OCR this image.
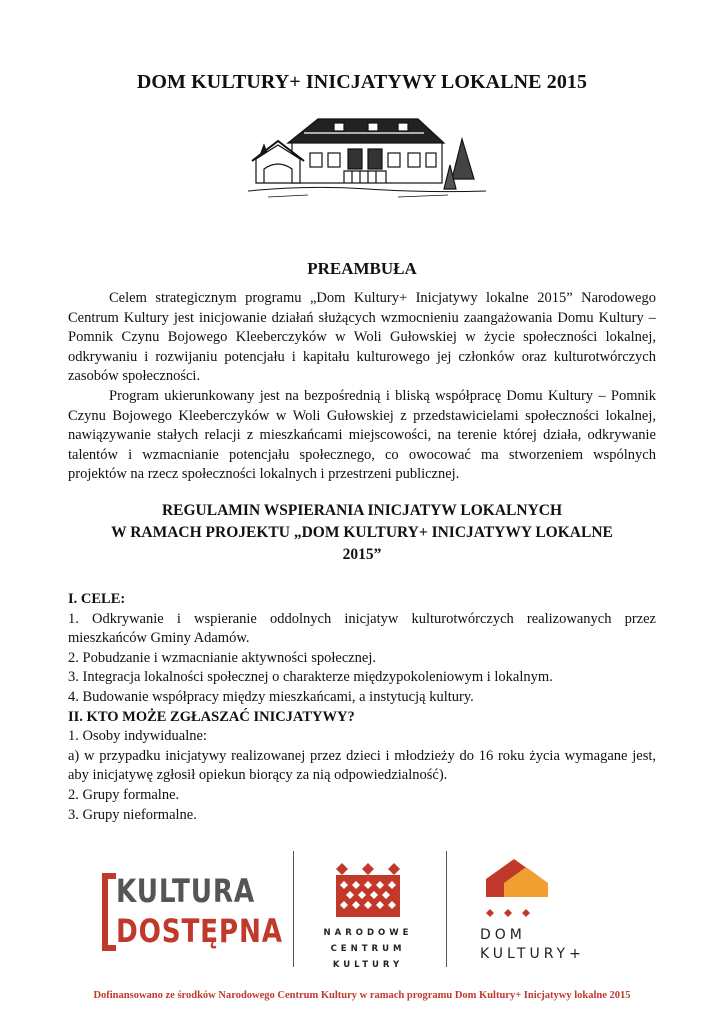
DOM KULTURY+ INICJATYWY LOKALNE 2015
PREAMBUŁA

Celem strategicznym programu „Dom Kultury+ Inicjatywy lokalne 2015” Narodowego Centrum Kultury jest inicjowanie działań służących wzmocnieniu zaangażowania Domu Kultury – Pomnik Czynu Bojowego Kleeberczyków w Woli Gułowskiej w życie społeczności lokalnej, odkrywaniu i rozwijaniu potencjału i kapitału kulturowego jej członków oraz kulturotwórczych zasobów społeczności.

Program ukierunkowany jest na bezpośrednią i bliską współpracę Domu Kultury – Pomnik Czynu Bojowego Kleeberczyków w Woli Gułowskiej z przedstawicielami społeczności lokalnej, nawiązywanie stałych relacji z mieszkańcami miejscowości, na terenie której działa, odkrywanie talentów i wzmacnianie potencjału społecznego, co owocować ma stworzeniem wspólnych projektów na rzecz społeczności lokalnych i przestrzeni publicznej.

REGULAMIN WSPIERANIA INICJATYW LOKALNYCH
W RAMACH PROJEKTU „DOM KULTURY+ INICJATYWY LOKALNE
2015”
I. CELE:
1. Odkrywanie i wspieranie oddolnych inicjatyw kulturotwórczych realizowanych przez mieszkańców Gminy Adamów.
2. Pobudzanie i wzmacnianie aktywności społecznej.
3. Integracja lokalności społecznej o charakterze międzypokoleniowym i lokalnym.
4. Budowanie współpracy między mieszkańcami, a instytucją kultury.
II. KTO MOŻE ZGŁASZAĆ INICJATYWY?
1. Osoby indywidualne:
a) w przypadku inicjatywy realizowanej przez dzieci i młodzieży do 16 roku życia wymagane jest, aby inicjatywę zgłosił opiekun biorący za nią odpowiedzialność).
2. Grupy formalne.
3. Grupy nieformalne.
KULTURA
DOSTĘPNA	NARODOWE
CENTRUM
KULTURY
DOM
KULTURY+
Dofinansowano ze środków Narodowego Centrum Kultury w ramach programu Dom Kultury+ Inicjatywy lokalne 2015
